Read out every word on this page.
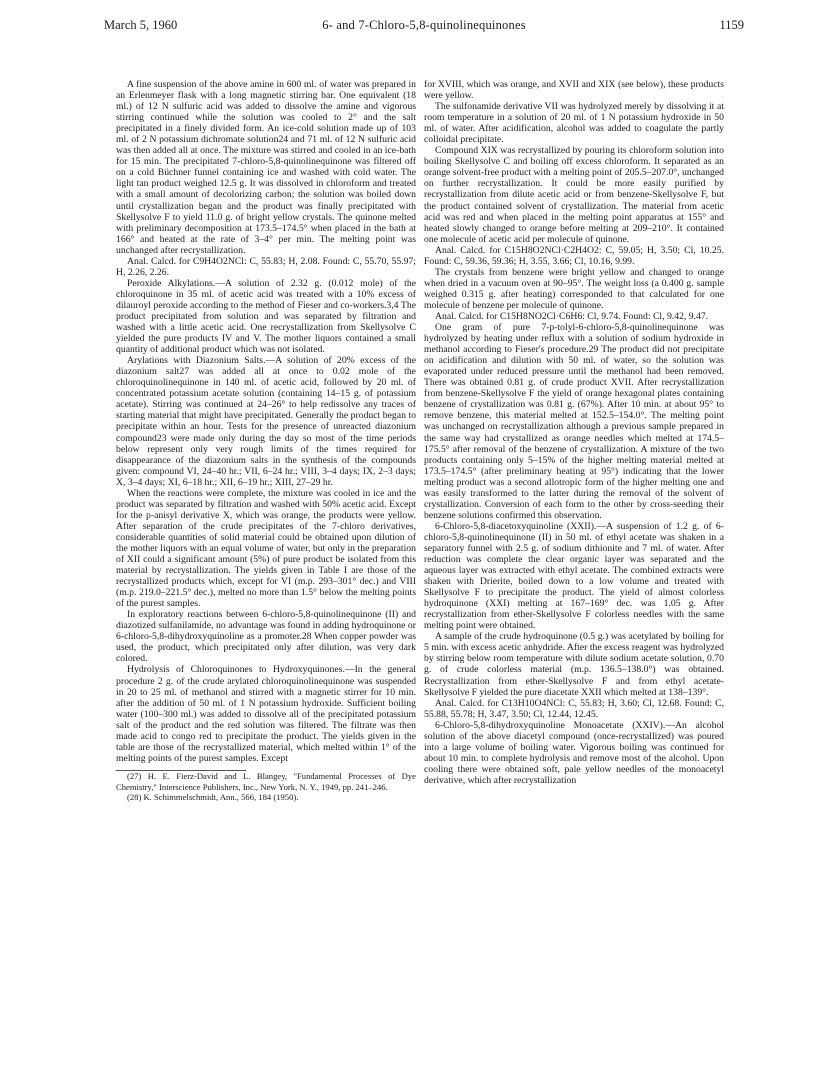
March 5, 1960	6- and 7-Chloro-5,8-quinolinequinones	1159

A fine suspension of the above amine in 600 ml. of water was prepared in an Erlenmeyer flask with a long magnetic stirring bar. One equivalent (18 ml.) of 12 N sulfuric acid was added to dissolve the amine and vigorous stirring continued while the solution was cooled to 2° and the salt precipitated in a finely divided form. An ice-cold solution made up of 103 ml. of 2 N potassium dichromate solution24 and 71 ml. of 12 N sulfuric acid was then added all at once. The mixture was stirred and cooled in an ice-bath for 15 min. The precipitated 7-chloro-5,8-quinolinequinone was filtered off on a cold Büchner funnel containing ice and washed with cold water. The light tan product weighed 12.5 g. It was dissolved in chloroform and treated with a small amount of decolorizing carbon; the solution was boiled down until crystallization began and the product was finally precipitated with Skellysolve F to yield 11.0 g. of bright yellow crystals. The quinone melted with preliminary decomposition at 173.5–174.5° when placed in the bath at 166° and heated at the rate of 3–4° per min. The melting point was unchanged after recrystallization.

Anal. Calcd. for C9H4O2NCl: C, 55.83; H, 2.08. Found: C, 55.70, 55.97; H, 2.26, 2.26.

Peroxide Alkylations.—A solution of 2.32 g. (0.012 mole) of the chloroquinone in 35 ml. of acetic acid was treated with a 10% excess of dilauroyl peroxide according to the method of Fieser and co-workers.3,4 The product precipitated from solution and was separated by filtration and washed with a little acetic acid. One recrystallization from Skellysolve C yielded the pure products IV and V. The mother liquors contained a small quantity of additional product which was not isolated.

Arylations with Diazonium Salts.—A solution of 20% excess of the diazonium salt27 was added all at once to 0.02 mole of the chloroquinolinequinone in 140 ml. of acetic acid, followed by 20 ml. of concentrated potassium acetate solution (containing 14–15 g. of potassium acetate). Stirring was continued at 24–26° to help redissolve any traces of starting material that might have precipitated. Generally the product began to precipitate within an hour. Tests for the presence of unreacted diazonium compound23 were made only during the day so most of the time periods below represent only very rough limits of the times required for disappearance of the diazonium salts in the synthesis of the compounds given: compound VI, 24–40 hr.; VII, 6–24 hr.; VIII, 3–4 days; IX, 2–3 days; X, 3–4 days; XI, 6–18 hr.; XII, 6–19 hr.; XIII, 27–29 hr.

When the reactions were complete, the mixture was cooled in ice and the product was separated by filtration and washed with 50% acetic acid. Except for the p-anisyl derivative X, which was orange, the products were yellow. After separation of the crude precipitates of the 7-chloro derivatives, considerable quantities of solid material could be obtained upon dilution of the mother liquors with an equal volume of water, but only in the preparation of XII could a significant amount (5%) of pure product be isolated from this material by recrystallization. The yields given in Table I are those of the recrystallized products which, except for VI (m.p. 293–301° dec.) and VIII (m.p. 219.0–221.5° dec.), melted no more than 1.5° below the melting points of the purest samples.

In exploratory reactions between 6-chloro-5,8-quinolinequinone (II) and diazotized sulfanilamide, no advantage was found in adding hydroquinone or 6-chloro-5,8-dihydroxyquinoline as a promoter.28 When copper powder was used, the product, which precipitated only after dilution, was very dark colored.

Hydrolysis of Chloroquinones to Hydroxyquinones.—In the general procedure 2 g. of the crude arylated chloroquinolinequinone was suspended in 20 to 25 ml. of methanol and stirred with a magnetic stirrer for 10 min. after the addition of 50 ml. of 1 N potassium hydroxide. Sufficient boiling water (100–300 ml.) was added to dissolve all of the precipitated potassium salt of the product and the red solution was filtered. The filtrate was then made acid to congo red to precipitate the product. The yields given in the table are those of the recrystallized material, which melted within 1° of the melting points of the purest samples. Except

(27) H. E. Fierz-David and L. Blangey, "Fundamental Processes of Dye Chemistry," Interscience Publishers, Inc., New York, N. Y., 1949, pp. 241–246.

(28) K. Schimmelschmidt, Ann., 566, 184 (1950).

for XVIII, which was orange, and XVII and XIX (see below), these products were yellow.

The sulfonamide derivative VII was hydrolyzed merely by dissolving it at room temperature in a solution of 20 ml. of 1 N potassium hydroxide in 50 ml. of water. After acidification, alcohol was added to coagulate the partly colloidal precipitate.

Compound XIX was recrystallized by pouring its chloroform solution into boiling Skellysolve C and boiling off excess chloroform. It separated as an orange solvent-free product with a melting point of 205.5–207.0°, unchanged on further recrystallization. It could be more easily purified by recrystallization from dilute acetic acid or from benzene-Skellysolve F, but the product contained solvent of crystallization. The material from acetic acid was red and when placed in the melting point apparatus at 155° and heated slowly changed to orange before melting at 209–210°. It contained one molecule of acetic acid per molecule of quinone.

Anal. Calcd. for C15H8O2NCl·C2H4O2: C, 59.05; H, 3.50; Cl, 10.25. Found: C, 59.36, 59.36; H, 3.55, 3.66; Cl, 10.16, 9.99.

The crystals from benzene were bright yellow and changed to orange when dried in a vacuum oven at 90–95°. The weight loss (a 0.400 g. sample weighed 0.315 g. after heating) corresponded to that calculated for one molecule of benzene per molecule of quinone.

Anal. Calcd. for C15H8NO2Cl·C6H6: Cl, 9.74. Found: Cl, 9.42, 9.47.

One gram of pure 7-p-tolyl-6-chloro-5,8-quinolinequinone was hydrolyzed by heating under reflux with a solution of sodium hydroxide in methanol according to Fieser's procedure.29 The product did not precipitate on acidification and dilution with 50 ml. of water, so the solution was evaporated under reduced pressure until the methanol had been removed. There was obtained 0.81 g. of crude product XVII. After recrystallization from benzene-Skellysolve F the yield of orange hexagonal plates containing benzene of crystallization was 0.81 g. (67%). After 10 min. at about 95° to remove benzene, this material melted at 152.5–154.0°. The melting point was unchanged on recrystallization although a previous sample prepared in the same way had crystallized as orange needles which melted at 174.5–175.5° after removal of the benzene of crystallization. A mixture of the two products containing only 5–15% of the higher melting material melted at 173.5–174.5° (after preliminary heating at 95°) indicating that the lower melting product was a second allotropic form of the higher melting one and was easily transformed to the latter during the removal of the solvent of crystallization. Conversion of each form to the other by cross-seeding their benzene solutions confirmed this observation.

6-Chloro-5,8-diacetoxyquinoline (XXII).—A suspension of 1.2 g. of 6-chloro-5,8-quinolinequinone (II) in 50 ml. of ethyl acetate was shaken in a separatory funnel with 2.5 g. of sodium dithionite and 7 ml. of water. After reduction was complete the clear organic layer was separated and the aqueous layer was extracted with ethyl acetate. The combined extracts were shaken with Drierite, boiled down to a low volume and treated with Skellysolve F to precipitate the product. The yield of almost colorless hydroquinone (XXI) melting at 167–169° dec. was 1.05 g. After recrystallization from ether-Skellysolve F colorless needles with the same melting point were obtained.

A sample of the crude hydroquinone (0.5 g.) was acetylated by boiling for 5 min. with excess acetic anhydride. After the excess reagent was hydrolyzed by stirring below room temperature with dilute sodium acetate solution, 0.70 g. of crude colorless material (m.p. 136.5–138.0°) was obtained. Recrystallization from ether-Skellysolve F and from ethyl acetate-Skellysolve F yielded the pure diacetate XXII which melted at 138–139°.

Anal. Calcd. for C13H10O4NCl: C, 55.83; H, 3.60; Cl, 12.68. Found: C, 55.88, 55.78; H, 3.47, 3.50; Cl, 12.44, 12.45.

6-Chloro-5,8-dihydroxyquinoline Monoacetate (XXIV).—An alcohol solution of the above diacetyl compound (once-recrystallized) was poured into a large volume of boiling water. Vigorous boiling was continued for about 10 min. to complete hydrolysis and remove most of the alcohol. Upon cooling there were obtained soft, pale yellow needles of the monoacetyl derivative, which after recrystallization
